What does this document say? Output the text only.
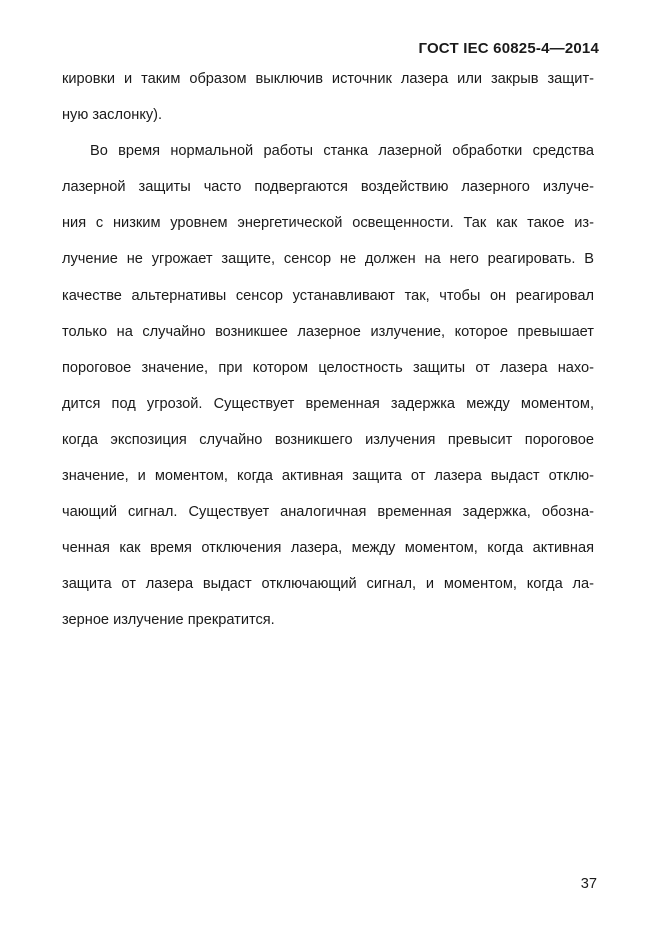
ГОСТ IEC 60825-4—2014
кировки и таким образом выключив источник лазера или закрыв защит-
ную заслонку).
Во время нормальной работы станка лазерной обработки средства
лазерной защиты часто подвергаются воздействию лазерного излуче-
ния с низким уровнем энергетической освещенности. Так как такое из-
лучение не угрожает защите, сенсор не должен на него реагировать. В
качестве альтернативы сенсор устанавливают так, чтобы он реагировал
только на случайно возникшее лазерное излучение, которое превышает
пороговое значение, при котором целостность защиты от лазера нахо-
дится под угрозой. Существует временная задержка между моментом,
когда экспозиция случайно возникшего излучения превысит пороговое
значение, и моментом, когда активная защита от лазера выдаст отклю-
чающий сигнал. Существует аналогичная временная задержка, обозна-
ченная как время отключения лазера, между моментом, когда активная
защита от лазера выдаст отключающий сигнал, и моментом, когда ла-
зерное излучение прекратится.
37
